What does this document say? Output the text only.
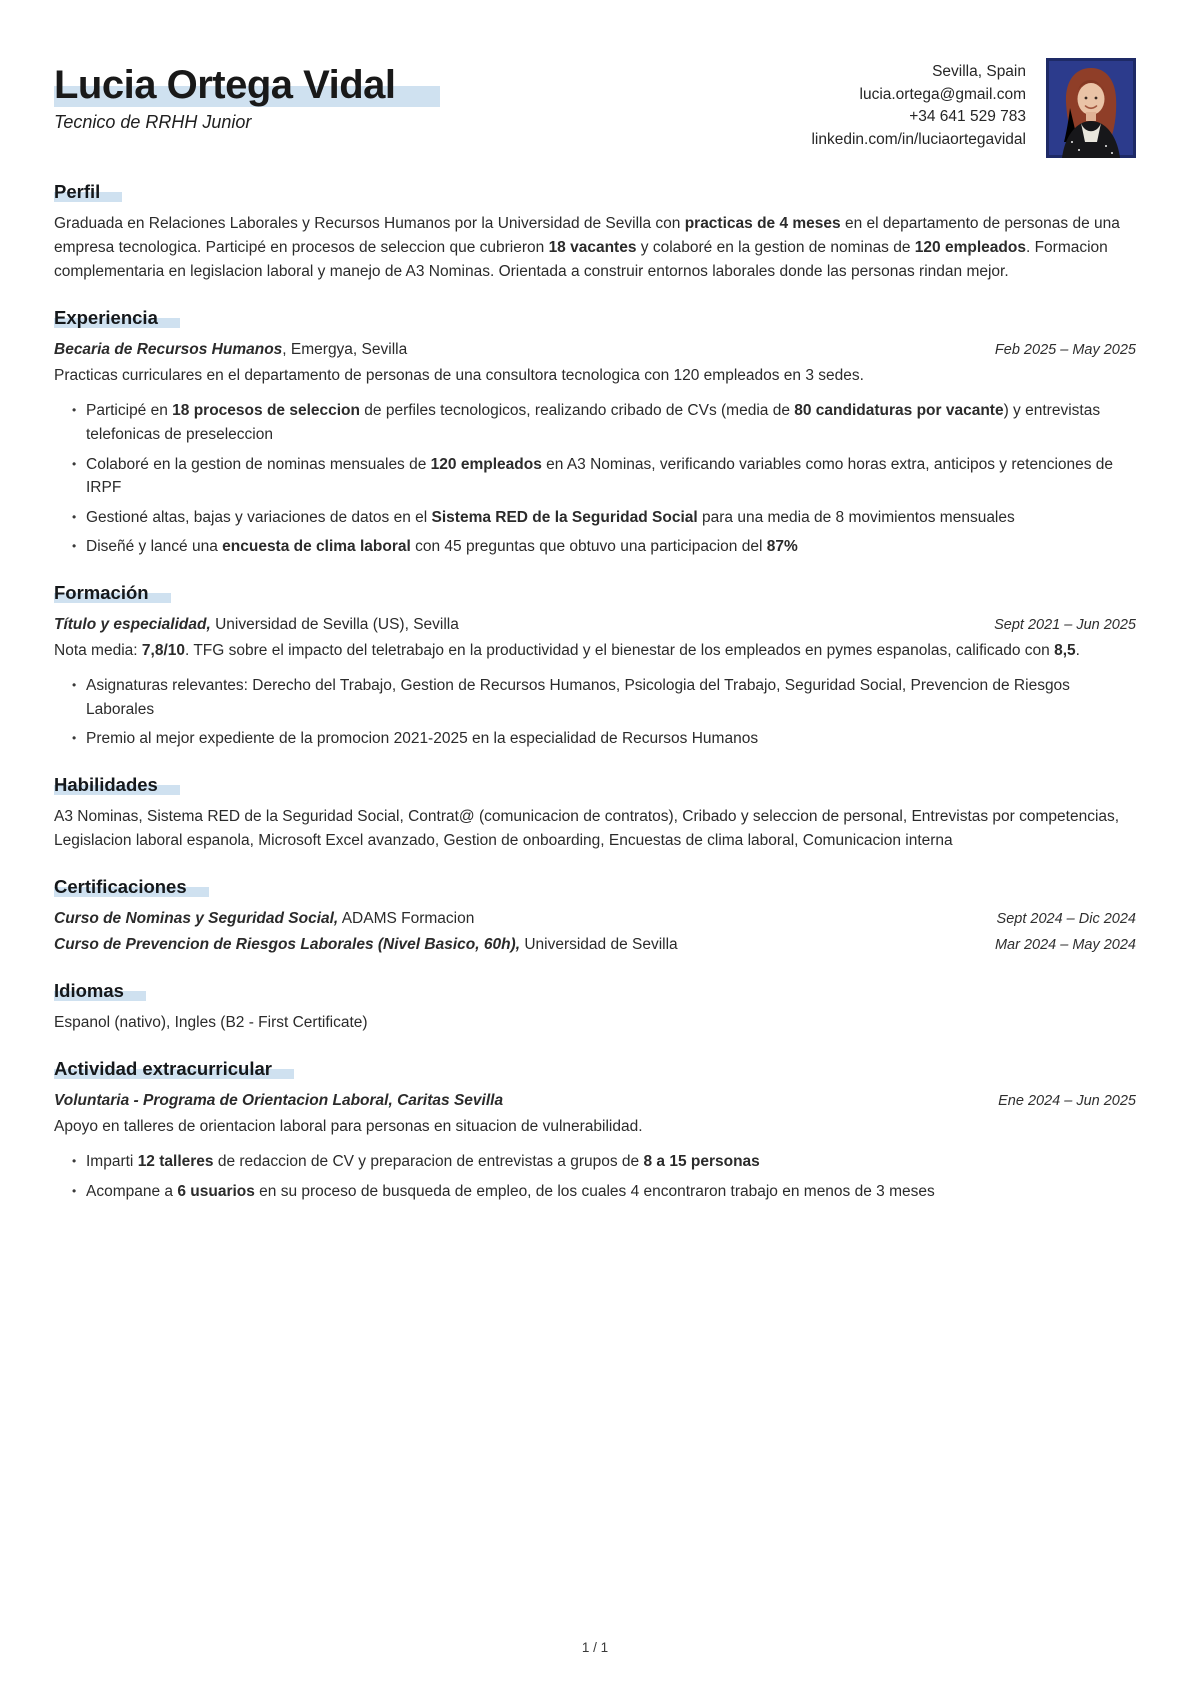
Lucia Ortega Vidal
Tecnico de RRHH Junior
Sevilla, Spain
lucia.ortega@gmail.com
+34 641 529 783
linkedin.com/in/luciaortegavidal
Perfil

Graduada en Relaciones Laborales y Recursos Humanos por la Universidad de Sevilla con practicas de 4 meses en el departamento de personas de una empresa tecnologica. Participé en procesos de seleccion que cubrieron 18 vacantes y colaboré en la gestion de nominas de 120 empleados. Formacion complementaria en legislacion laboral y manejo de A3 Nominas. Orientada a construir entornos laborales donde las personas rindan mejor.

Experiencia
Becaria de Recursos Humanos, Emergya, Sevilla	Feb 2025 – May 2025

Practicas curriculares en el departamento de personas de una consultora tecnologica con 120 empleados en 3 sedes.

• Participé en 18 procesos de seleccion de perfiles tecnologicos, realizando cribado de CVs (media de 80 candidaturas por vacante) y entrevistas telefonicas de preseleccion
• Colaboré en la gestion de nominas mensuales de 120 empleados en A3 Nominas, verificando variables como horas extra, anticipos y retenciones de IRPF
• Gestioné altas, bajas y variaciones de datos en el Sistema RED de la Seguridad Social para una media de 8 movimientos mensuales
• Diseñé y lancé una encuesta de clima laboral con 45 preguntas que obtuvo una participacion del 87%
Formación
Título y especialidad, Universidad de Sevilla (US), Sevilla	Sept 2021 – Jun 2025

Nota media: 7,8/10. TFG sobre el impacto del teletrabajo en la productividad y el bienestar de los empleados en pymes espanolas, calificado con 8,5.

• Asignaturas relevantes: Derecho del Trabajo, Gestion de Recursos Humanos, Psicologia del Trabajo, Seguridad Social, Prevencion de Riesgos Laborales
• Premio al mejor expediente de la promocion 2021-2025 en la especialidad de Recursos Humanos
Habilidades

A3 Nominas, Sistema RED de la Seguridad Social, Contrat@ (comunicacion de contratos), Cribado y seleccion de personal, Entrevistas por competencias, Legislacion laboral espanola, Microsoft Excel avanzado, Gestion de onboarding, Encuestas de clima laboral, Comunicacion interna

Certificaciones
Curso de Nominas y Seguridad Social, ADAMS Formacion	Sept 2024 – Dic 2024
Curso de Prevencion de Riesgos Laborales (Nivel Basico, 60h), Universidad de Sevilla	Mar 2024 – May 2024
Idiomas

Espanol (nativo), Ingles (B2 - First Certificate)

Actividad extracurricular
Voluntaria - Programa de Orientacion Laboral, Caritas Sevilla	Ene 2024 – Jun 2025

Apoyo en talleres de orientacion laboral para personas en situacion de vulnerabilidad.

• Imparti 12 talleres de redaccion de CV y preparacion de entrevistas a grupos de 8 a 15 personas
• Acompane a 6 usuarios en su proceso de busqueda de empleo, de los cuales 4 encontraron trabajo en menos de 3 meses
1 / 1
